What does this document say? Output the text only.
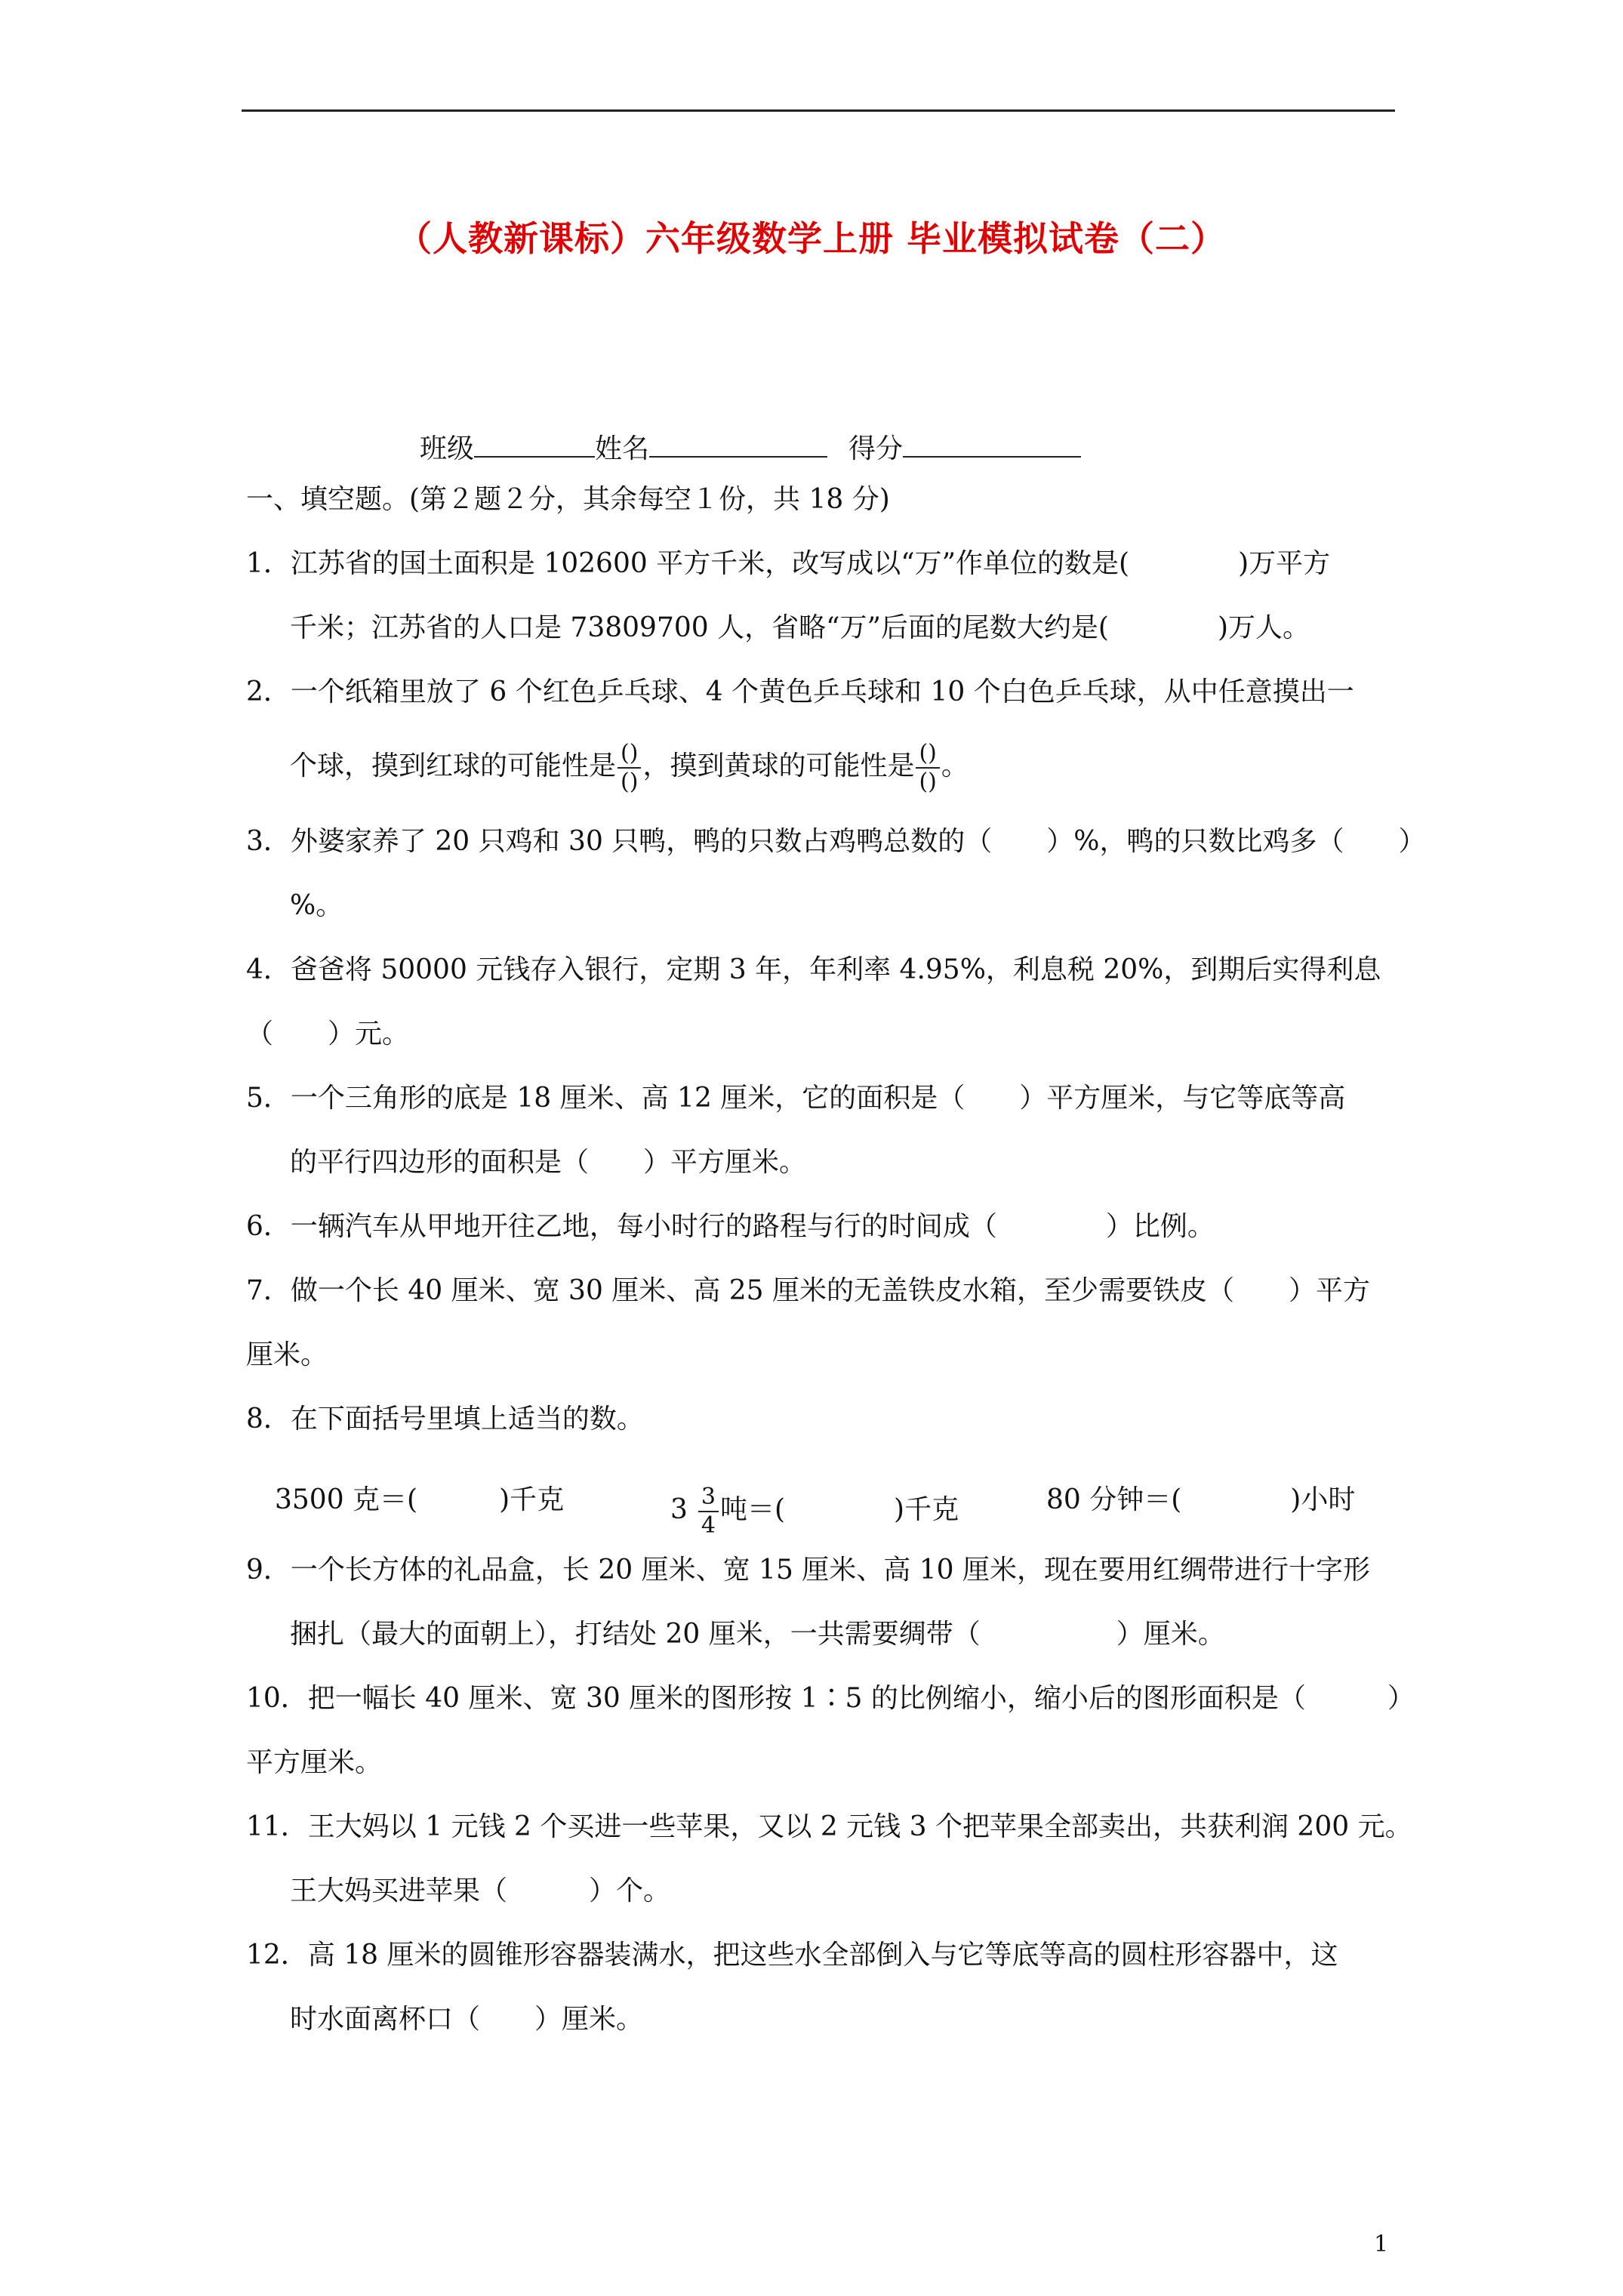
（人教新课标）六年级数学上册 毕业模拟试卷（二）
班级	姓名	得分
一、填空题。(第２题２分，其余每空１份，共 18 分)
1．江苏省的国土面积是 102600 平方千米，改写成以“万”作单位的数是(　　　　)万平方
千米；江苏省的人口是 73809700 人，省略“万”后面的尾数大约是(　　　　)万人。
2．一个纸箱里放了 6 个红色乒乓球、4 个黄色乒乓球和 10 个白色乒乓球，从中任意摸出一
个球，摸到红球的可能性是 $\frac{()}{()}$ ，摸到黄球的可能性是 $\frac{()}{()}$ 。
3．外婆家养了 20 只鸡和 30 只鸭，鸭的只数占鸡鸭总数的（　　）%，鸭的只数比鸡多（　　）
%。
4．爸爸将 50000 元钱存入银行，定期 3 年，年利率 4.95%，利息税 20%，到期后实得利息
（　　）元。
5．一个三角形的底是 18 厘米、高 12 厘米，它的面积是（　　）平方厘米，与它等底等高
的平行四边形的面积是（　　）平方厘米。
6．一辆汽车从甲地开往乙地，每小时行的路程与行的时间成（　　　　）比例。
7．做一个长 40 厘米、宽 30 厘米、高 25 厘米的无盖铁皮水箱，至少需要铁皮（　　）平方
厘米。
8．在下面括号里填上适当的数。
3500 克＝(　　　)千克	$3 \frac{3}{4}$ 吨＝(　　　　)千克	80 分钟＝(　　　　)小时
9．一个长方体的礼品盒，长 20 厘米、宽 15 厘米、高 10 厘米，现在要用红绸带进行十字形
捆扎（最大的面朝上），打结处 20 厘米，一共需要绸带（　　　　　）厘米。
10．把一幅长 40 厘米、宽 30 厘米的图形按 1∶5 的比例缩小，缩小后的图形面积是（　　　）
平方厘米。
11．王大妈以 1 元钱 2 个买进一些苹果，又以 2 元钱 3 个把苹果全部卖出，共获利润 200 元。
王大妈买进苹果（　　　）个。
12．高 18 厘米的圆锥形容器装满水，把这些水全部倒入与它等底等高的圆柱形容器中，这
时水面离杯口（　　）厘米。
1
